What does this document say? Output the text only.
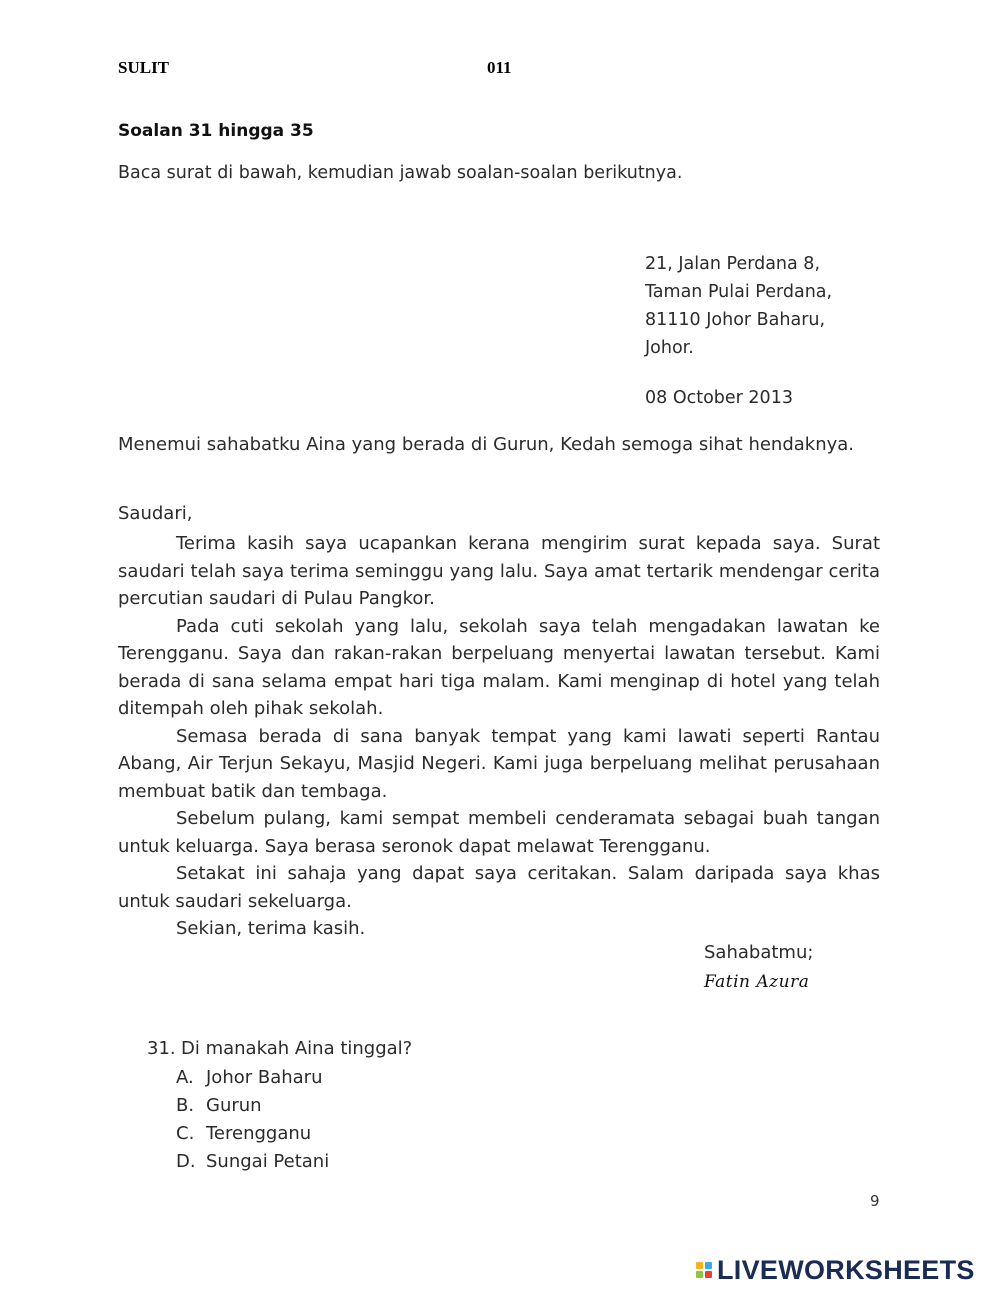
SULIT	011
Soalan 31 hingga 35
Baca surat di bawah, kemudian jawab soalan-soalan berikutnya.
21, Jalan Perdana 8,
Taman Pulai Perdana,
81110 Johor Baharu,
Johor.
08 October 2013
Menemui sahabatku Aina yang berada di Gurun, Kedah semoga sihat hendaknya.
Saudari,

Terima kasih saya ucapankan kerana mengirim surat kepada saya. Surat saudari telah saya terima seminggu yang lalu. Saya amat tertarik mendengar cerita percutian saudari di Pulau Pangkor.

Pada cuti sekolah yang lalu, sekolah saya telah mengadakan lawatan ke Terengganu. Saya dan rakan-rakan berpeluang menyertai lawatan tersebut. Kami berada di sana selama empat hari tiga malam. Kami menginap di hotel yang telah ditempah oleh pihak sekolah.

Semasa berada di sana banyak tempat yang kami lawati seperti Rantau Abang, Air Terjun Sekayu, Masjid Negeri. Kami juga berpeluang melihat perusahaan membuat batik dan tembaga.

Sebelum pulang, kami sempat membeli cenderamata sebagai buah tangan untuk keluarga. Saya berasa seronok dapat melawat Terengganu.

Setakat ini sahaja yang dapat saya ceritakan. Salam daripada saya khas untuk saudari sekeluarga.

Sekian, terima kasih.

Sahabatmu;
Fatin Azura
31. Di manakah Aina tinggal?
A. Johor Baharu
B. Gurun
C. Terengganu
D. Sungai Petani
9
LIVEWORKSHEETS
